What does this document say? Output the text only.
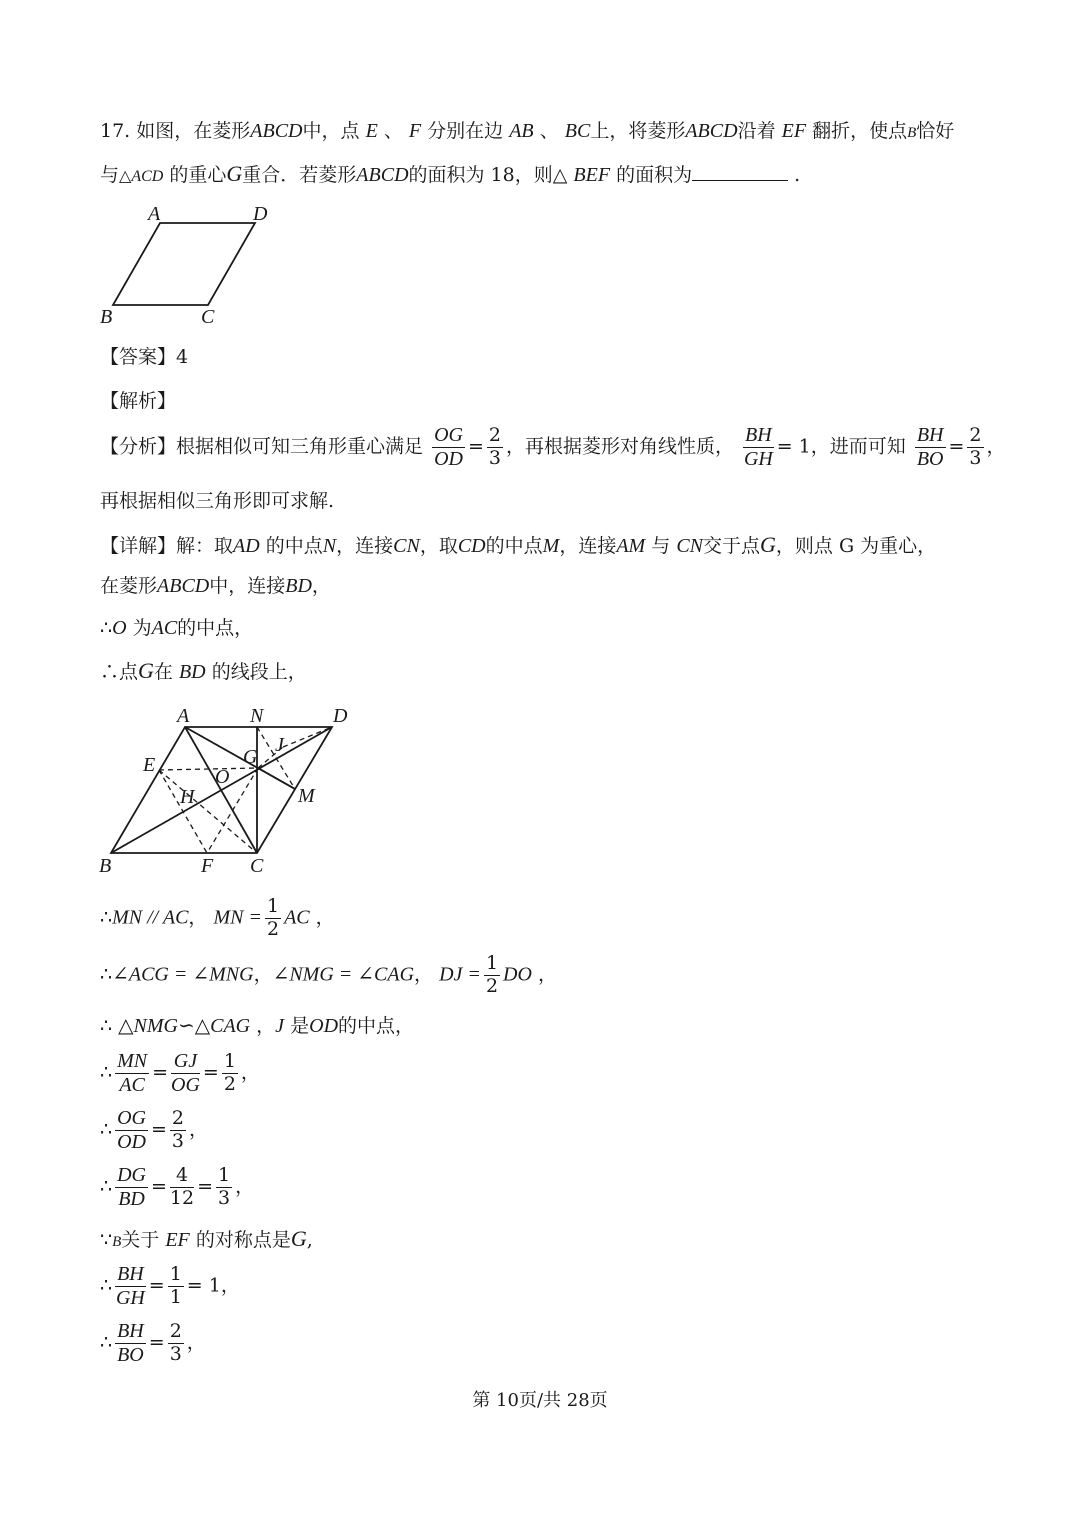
17. 如图，在菱形ABCD中，点 E 、 F 分别在边 AB 、 BC上，将菱形ABCD沿着 EF 翻折，使点B恰好
与△ACD 的重心G重合．若菱形ABCD的面积为 18，则△ BEF 的面积为	.
A	D
B	C
【答案】4
【解析】
【分析】根据相似可知三角形重心满足 $\frac{OG}{OD} = \frac{2}{3}$ ，再根据菱形对角线性质， $\frac{BH}{GH} = 1$，进而可知 $\frac{BH}{BO} = \frac{2}{3}$ ，
再根据相似三角形即可求解.
【详解】解：取AD 的中点N，连接CN，取CD的中点M，连接AM 与 CN交于点G，则点 G 为重心，
在菱形ABCD中，连接BD，
∴O 为AC的中点，
∴点G在 BD 的线段上，
A	N	D
E	G
J
O
H	M
B	F C
∴MN // AC， MN = $\frac{1}{2}$ AC ，
∴∠ACG = ∠MNG，∠NMG = ∠CAG， DJ = $\frac{1}{2}$ DO ，
∴ △NMG∽△CAG ，J 是OD的中点，
∴ $\frac{MN}{AC} = \frac{GJ}{OG} = \frac{1}{2}$ ，
∴ $\frac{OG}{OD} = \frac{2}{3}$ ，
∴ $\frac{DG}{BD} = \frac{4}{12} = \frac{1}{3}$ ，
∵B关于 EF 的对称点是G,
∴ $\frac{BH}{GH} = \frac{1}{1} = 1$，
∴ $\frac{BH}{BO} = \frac{2}{3}$ ，
第 10页/共 28页
